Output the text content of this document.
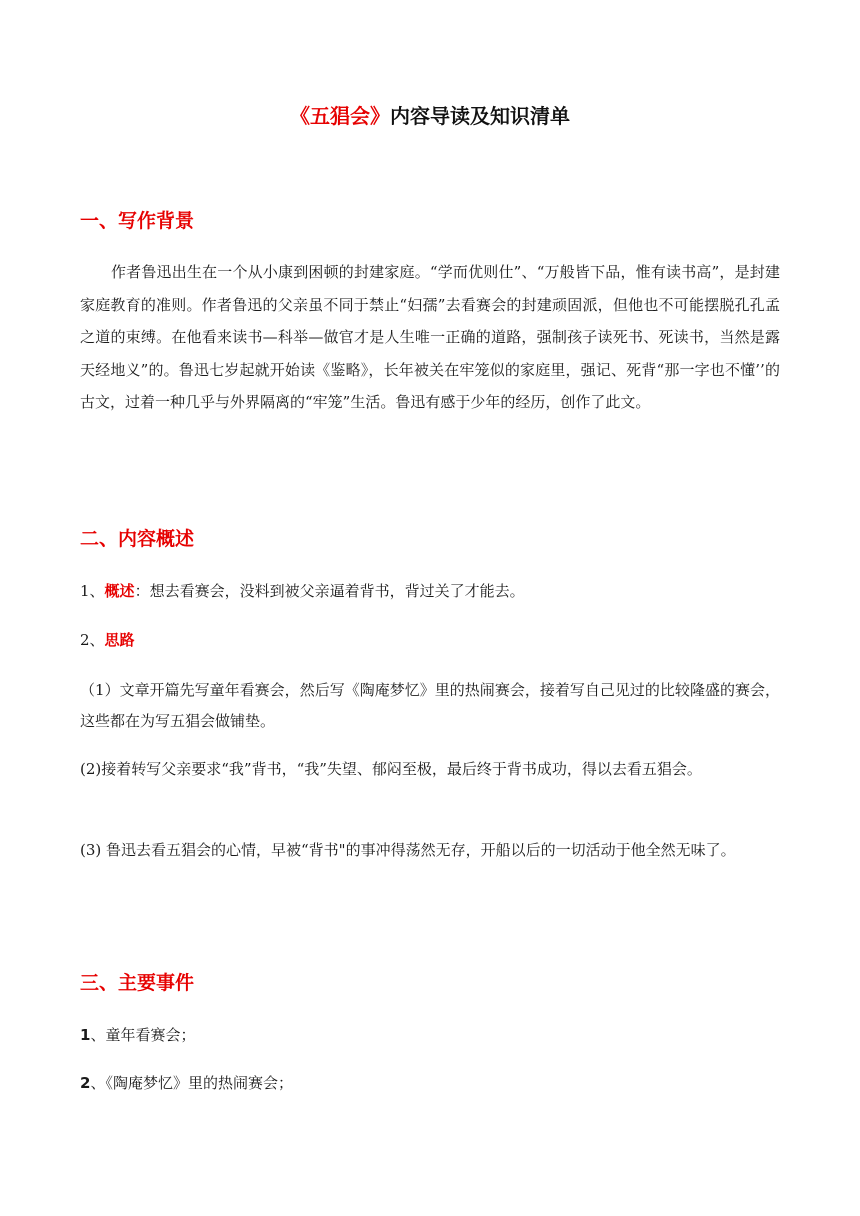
《五猖会》内容导读及知识清单
一、写作背景
作者鲁迅出生在一个从小康到困顿的封建家庭。“学而优则仕”、“万般皆下品，惟有读书高”，是封建家庭教育的准则。作者鲁迅的父亲虽不同于禁止“妇孺”去看赛会的封建顽固派，但他也不可能摆脱孔孔孟之道的束缚。在他看来读书—科举—做官才是人生唯一正确的道路，强制孩子读死书、死读书，当然是露天经地义”的。鲁迅七岁起就开始读《鉴略》，长年被关在牢笼似的家庭里，强记、死背“那一字也不懂’’的古文，过着一种几乎与外界隔离的“牢笼”生活。鲁迅有感于少年的经历，创作了此文。
二、内容概述
1、概述：想去看赛会，没料到被父亲逼着背书，背过关了才能去。
2、思路
（1）文章开篇先写童年看赛会，然后写《陶庵梦忆》里的热闹赛会，接着写自己见过的比较隆盛的赛会，这些都在为写五猖会做铺垫。
(2)接着转写父亲要求“我”背书，“我”失望、郁闷至极，最后终于背书成功，得以去看五猖会。
(3) 鲁迅去看五猖会的心情，早被“背书"的事冲得荡然无存，开船以后的一切活动于他全然无味了。
三、主要事件
1、童年看赛会；
2、《陶庵梦忆》里的热闹赛会；
